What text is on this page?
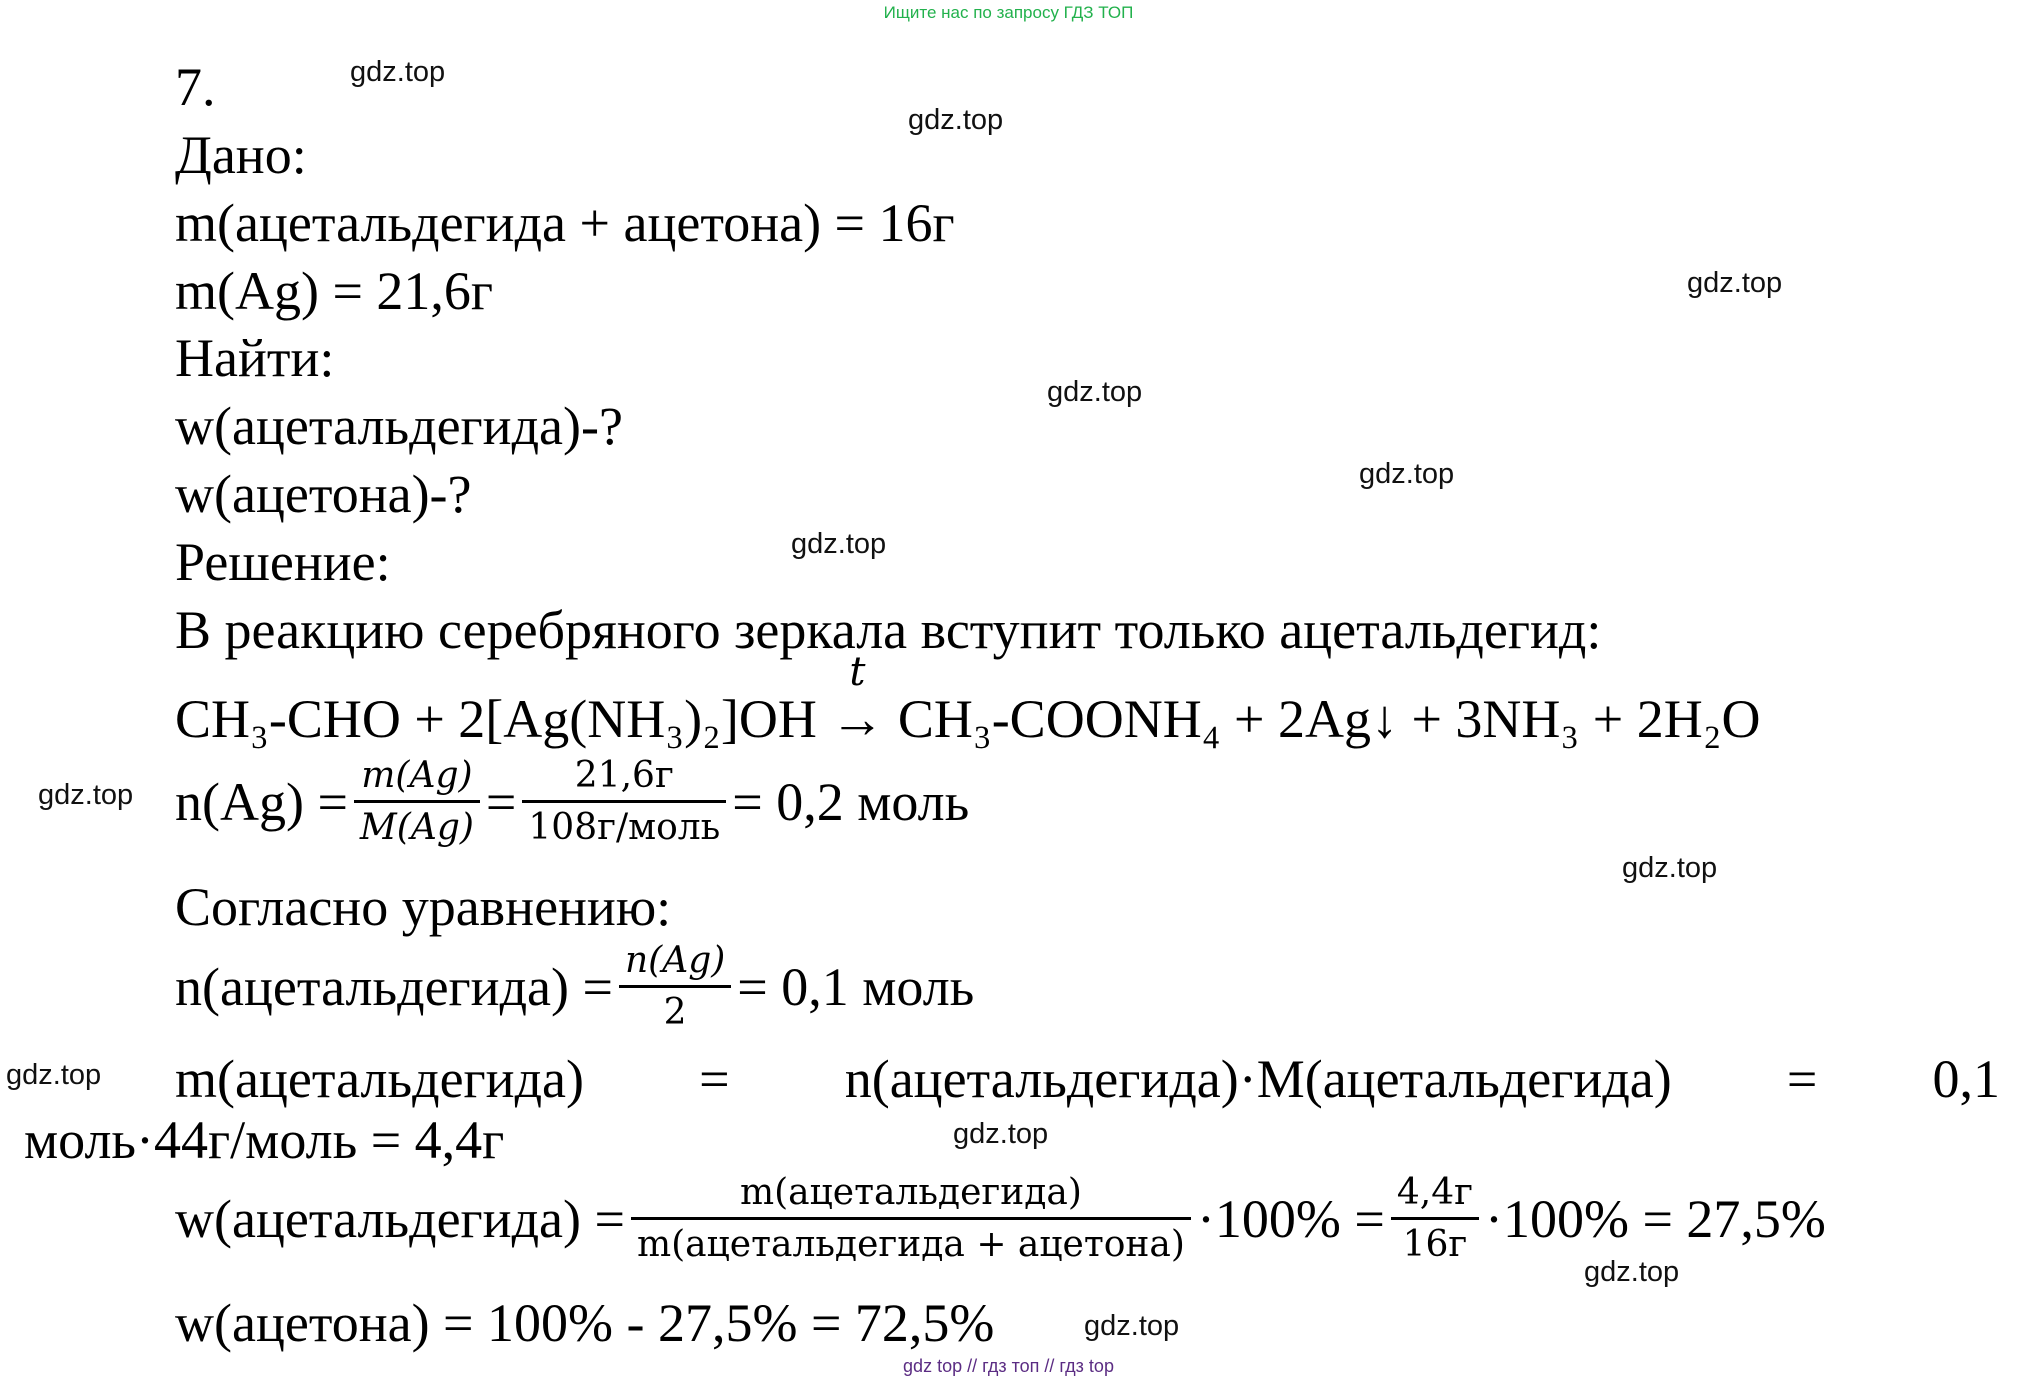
Ищите нас по запросу ГДЗ ТОП
gdz.top
gdz.top
gdz.top
gdz.top
gdz.top
gdz.top
gdz.top
gdz.top
gdz.top
gdz.top
gdz.top
gdz.top
7.
Дано:
m(ацетальдегида + ацетона) = 16г
m(Ag) = 21,6г
Найти:
w(ацетальдегида)-?
w(ацетона)-?
Решение:
В реакцию серебряного зеркала вступит только ацетальдегид:
CH₃-CHO + 2[Ag(NH₃)₂]OH
t
→ CH₃-COONH₄ + 2Ag↓ + 3NH₃ + 2H₂O
$n(Ag) = \frac{m(Ag)}{M(Ag)} = \frac{21,6г}{\text{108г/моль}} = 0,2$ моль
Согласно уравнению:
n(ацетальдегида) = $\frac{n(Ag)}{2} = 0,1$ моль
m(ацетальдегида) = n(ацетальдегида)·M(ацетальдегида) = 0,1
моль·44г/моль = 4,4г
w(ацетальдегида) = $\frac{\text{m(ацетальдегида)}}{\text{m(ацетальдегида + ацетона)}} \cdot 100\% = \frac{4,4г}{16г} \cdot 100\% = 27,5\%$
w(ацетона) = 100% - 27,5% = 72,5%
gdz top // гдз топ // гдз top
